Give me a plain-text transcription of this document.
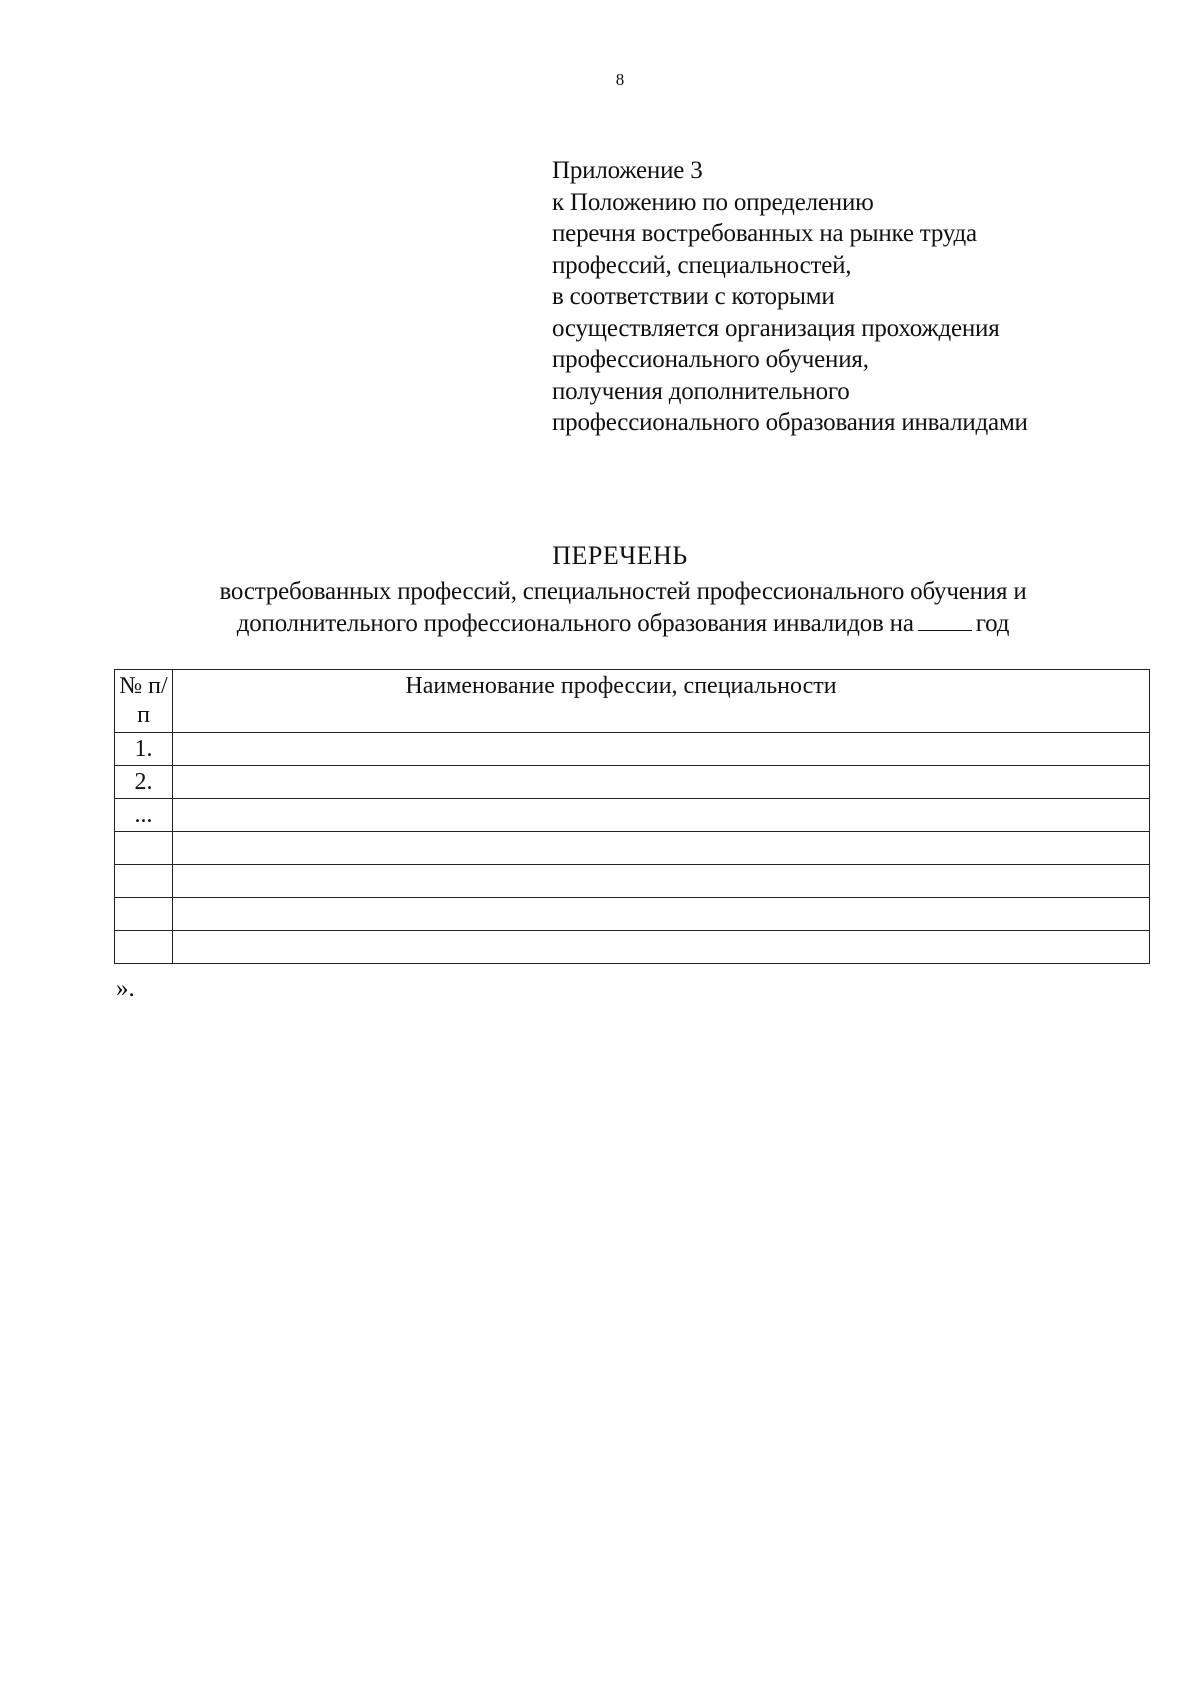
8
Приложение 3
к Положению по определению
перечня востребованных на рынке труда
профессий, специальностей,
в соответствии с которыми
осуществляется организация прохождения
профессионального обучения,
получения дополнительного
профессионального образования инвалидами
ПЕРЕЧЕНЬ
востребованных профессий, специальностей профессионального обучения и
дополнительного профессионального образования инвалидов на год
№ п/п	Наименование профессии, специальности

1.	
2.	
...	

».
